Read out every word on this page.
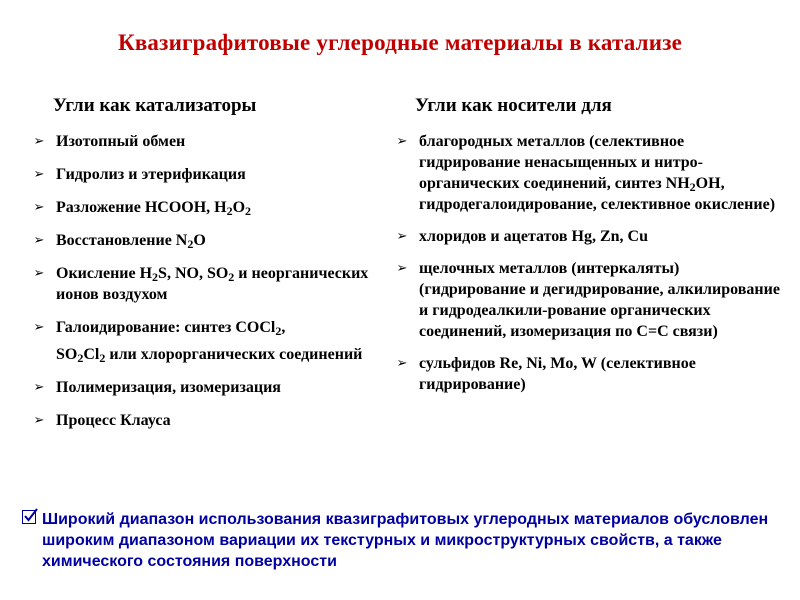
Квазиграфитовые углеродные материалы в катализе
Угли как катализаторы	Угли как носители для
➢ Изотопный обмен
➢ Гидролиз и этерификация
➢ Разложение HCOOH, $H_2O_2$
➢ Восстановление $N_2O$
➢ Окисление $H_2S$, NO, $SO_2$ и неорганических ионов воздухом
➢ Галоидирование: синтез COCl$_2$,
$SO_2Cl_2$ или хлорорганических соединений
➢ Полимеризация, изомеризация
➢ Процесс Клауса
➢ благородных металлов (селективное гидрирование ненасыщенных и нитро-органических соединений, синтез $NH_2OH$, гидродегалоидирование, селективное окисление)
➢ хлоридов и ацетатов Hg, Zn, Cu
➢ щелочных металлов (интеркаляты) (гидрирование и дегидрирование, алкилирование и гидродеалкили-рование органических соединений, изомеризация по С=С связи)
➢ сульфидов Re, Ni, Mo, W (селективное гидрирование)
Широкий диапазон использования квазиграфитовых углеродных материалов обусловлен широким диапазоном вариации их текстурных и микроструктурных свойств, а также химического состояния поверхности
